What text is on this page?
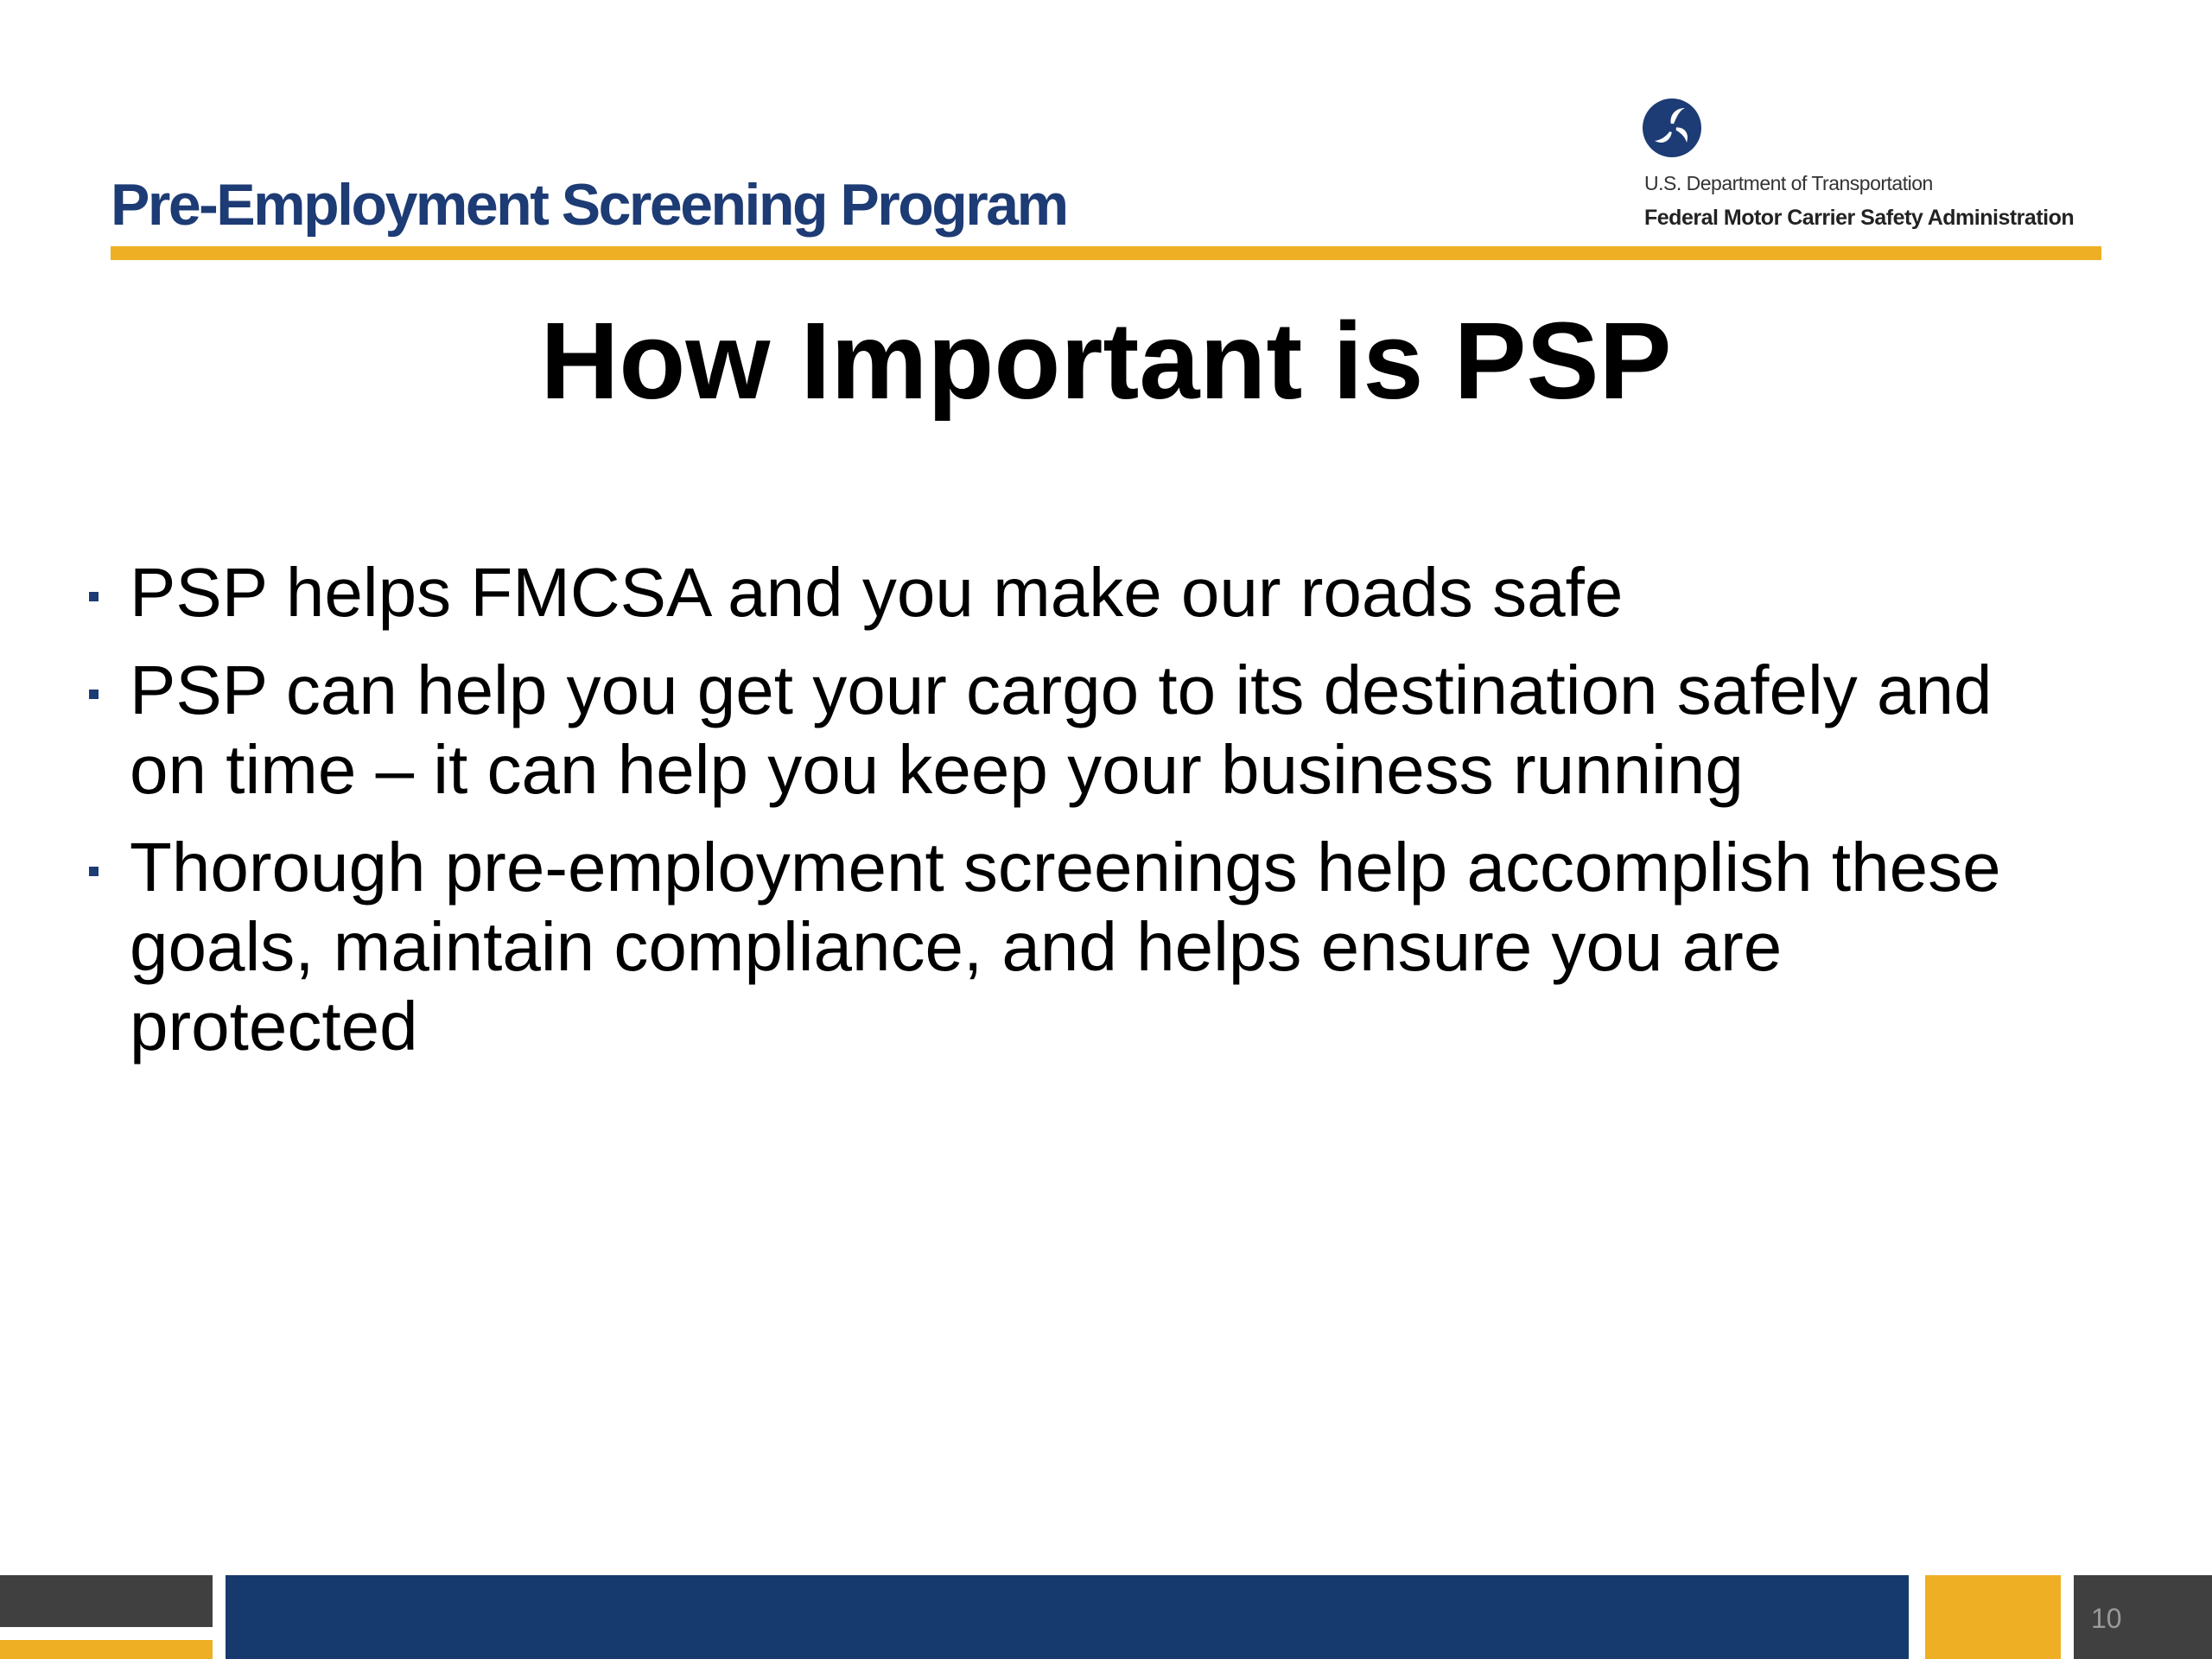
Pre-Employment Screening Program	U.S. Department of Transportation
Federal Motor Carrier Safety Administration
How Important is PSP
PSP helps FMCSA and you make our roads safe
PSP can help you get your cargo to its destination safely and on time – it can help you keep your business running
Thorough pre-employment screenings help accomplish these goals, maintain compliance, and helps ensure you are protected
10
